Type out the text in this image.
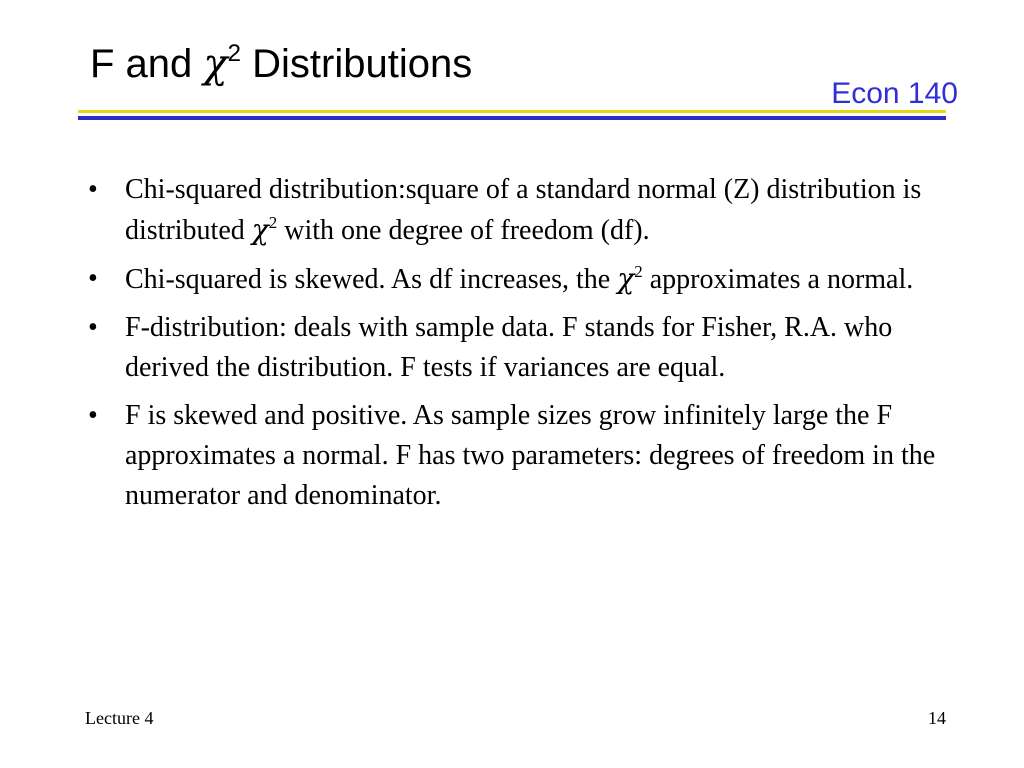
F and $\chi^2$ Distributions
Econ 140
• Chi-squared distribution:square of a standard normal (Z) distribution is distributed $\chi^2$ with one degree of freedom (df).
• Chi-squared is skewed. As df increases, the $\chi^2$ approximates a normal.
• F-distribution: deals with sample data. F stands for Fisher, R.A. who derived the distribution. F tests if variances are equal.
• F is skewed and positive. As sample sizes grow infinitely large the F approximates a normal. F has two parameters: degrees of freedom in the numerator and denominator.
Lecture 4	14
